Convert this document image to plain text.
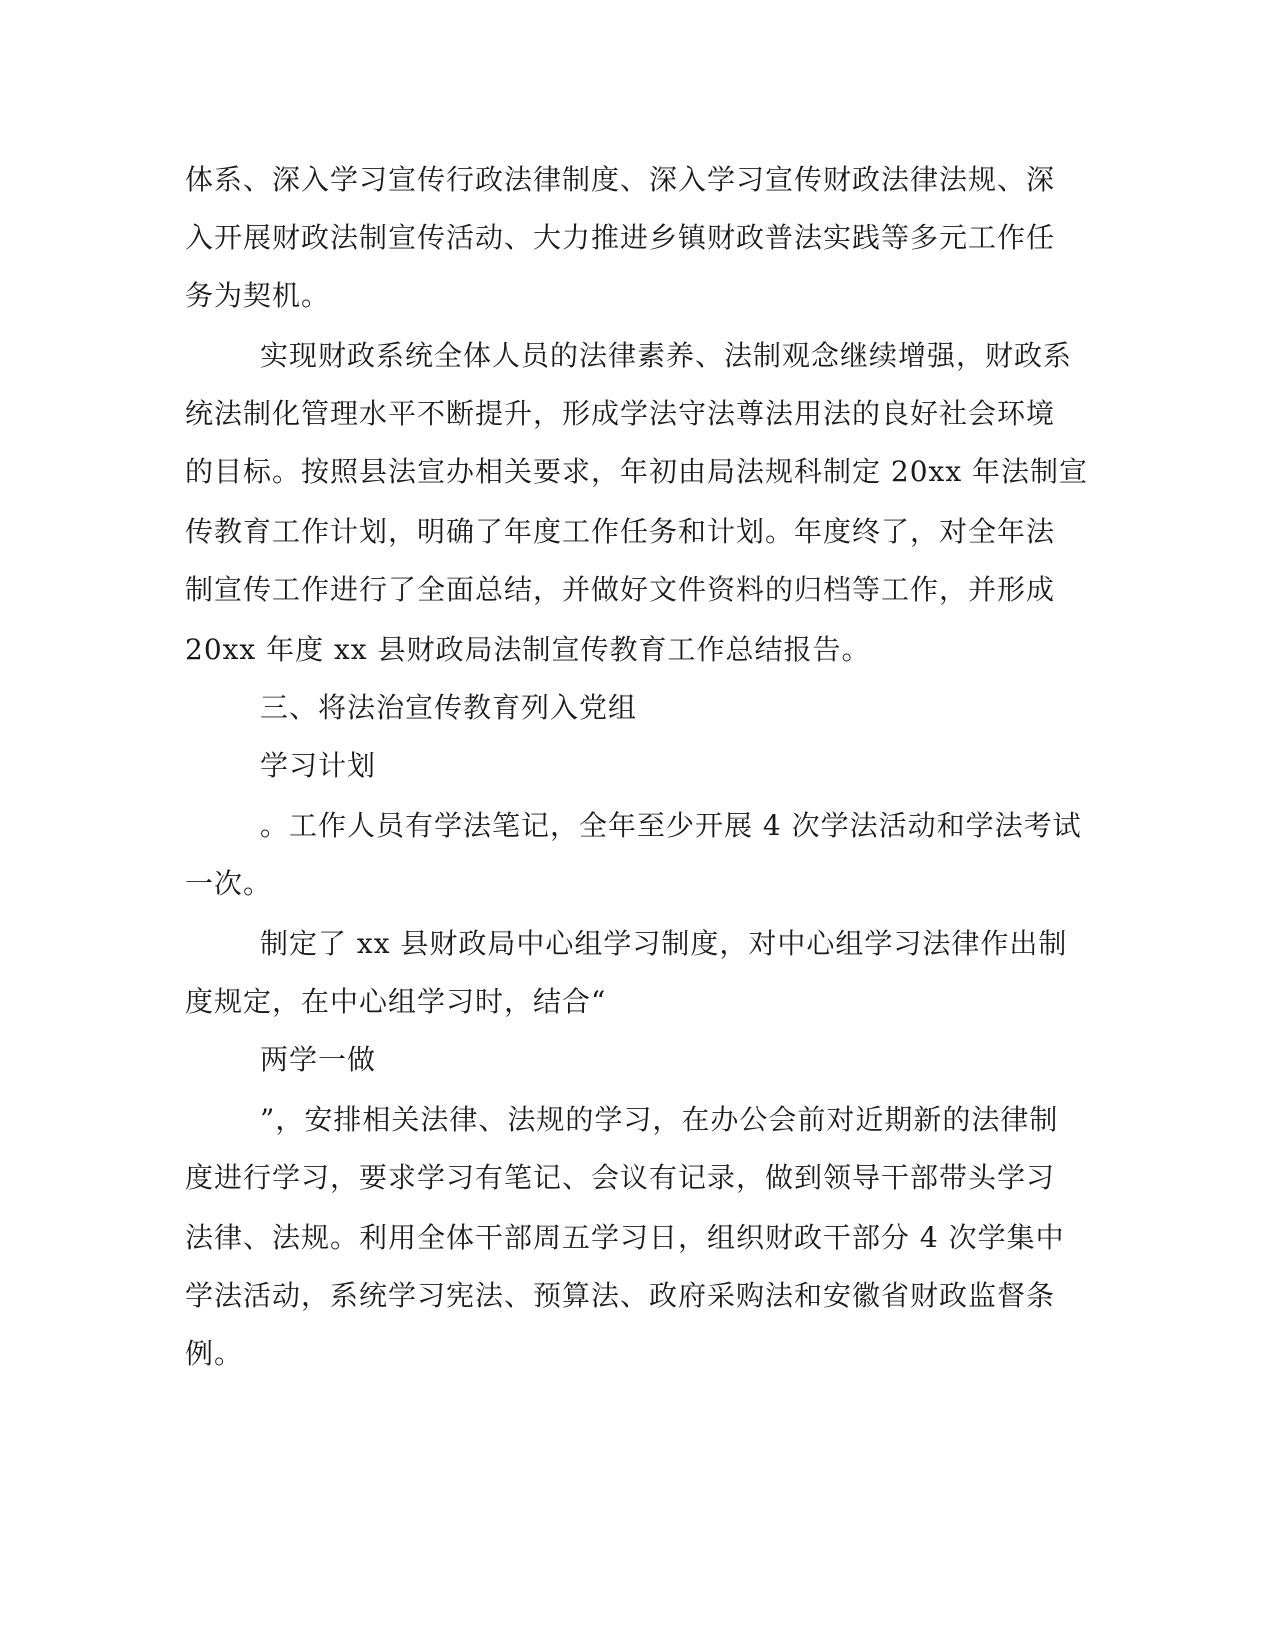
体系、深入学习宣传行政法律制度、深入学习宣传财政法律法规、深
入开展财政法制宣传活动、大力推进乡镇财政普法实践等多元工作任
务为契机。
实现财政系统全体人员的法律素养、法制观念继续增强，财政系
统法制化管理水平不断提升，形成学法守法尊法用法的良好社会环境
的目标。按照县法宣办相关要求，年初由局法规科制定 20xx 年法制宣
传教育工作计划，明确了年度工作任务和计划。年度终了，对全年法
制宣传工作进行了全面总结，并做好文件资料的归档等工作，并形成
20xx 年度 xx 县财政局法制宣传教育工作总结报告。
三、将法治宣传教育列入党组
学习计划
。工作人员有学法笔记，全年至少开展 4 次学法活动和学法考试
一次。
制定了 xx 县财政局中心组学习制度，对中心组学习法律作出制
度规定，在中心组学习时，结合“
两学一做
”，安排相关法律、法规的学习，在办公会前对近期新的法律制
度进行学习，要求学习有笔记、会议有记录，做到领导干部带头学习
法律、法规。利用全体干部周五学习日，组织财政干部分 4 次学集中
学法活动，系统学习宪法、预算法、政府采购法和安徽省财政监督条
例。
